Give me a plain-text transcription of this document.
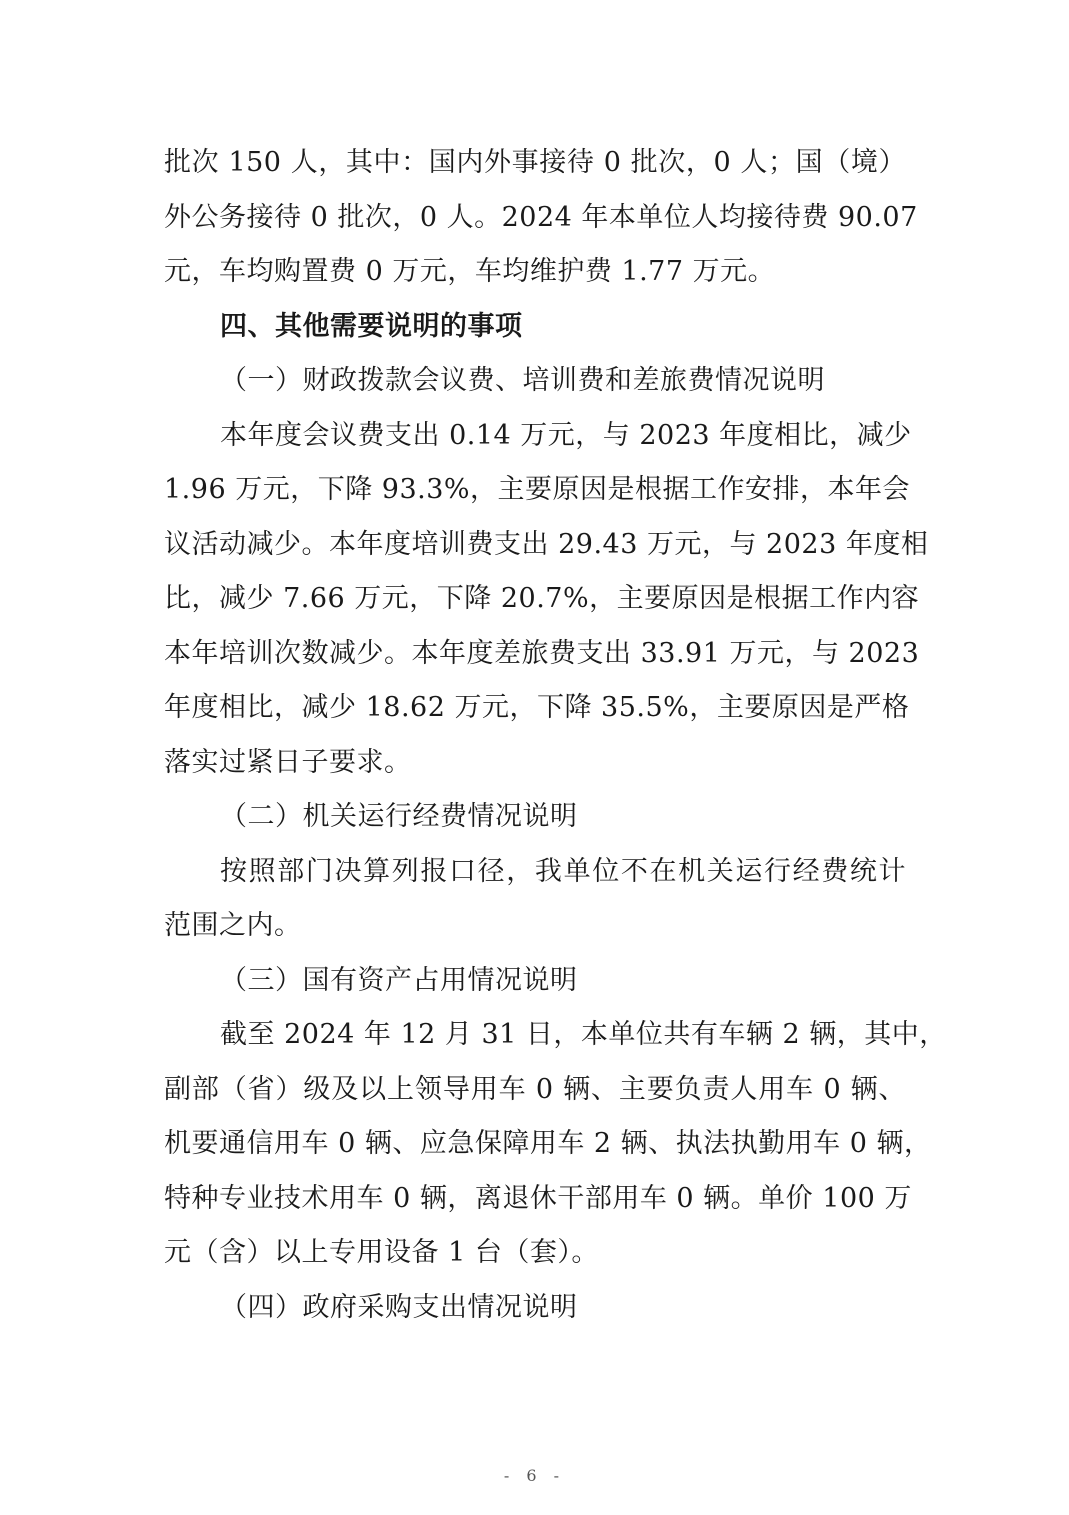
批次 150 人，其中：国内外事接待 0 批次，0 人；国（境）
外公务接待 0 批次，0 人。2024 年本单位人均接待费 90.07
元，车均购置费 0 万元，车均维护费 1.77 万元。
四、其他需要说明的事项
（一）财政拨款会议费、培训费和差旅费情况说明
本年度会议费支出 0.14 万元，与 2023 年度相比，减少
1.96 万元，下降 93.3%，主要原因是根据工作安排，本年会
议活动减少。本年度培训费支出 29.43 万元，与 2023 年度相
比，减少 7.66 万元，下降 20.7%，主要原因是根据工作内容
本年培训次数减少。本年度差旅费支出 33.91 万元，与 2023
年度相比，减少 18.62 万元，下降 35.5%，主要原因是严格
落实过紧日子要求。
（二）机关运行经费情况说明
按照部门决算列报口径，我单位不在机关运行经费统计
范围之内。
（三）国有资产占用情况说明
截至 2024 年 12 月 31 日，本单位共有车辆 2 辆，其中，
副部（省）级及以上领导用车 0 辆、主要负责人用车 0 辆、
机要通信用车 0 辆、应急保障用车 2 辆、执法执勤用车 0 辆，
特种专业技术用车 0 辆，离退休干部用车 0 辆。单价 100 万
元（含）以上专用设备 1 台（套）。
（四）政府采购支出情况说明
- 6 -
